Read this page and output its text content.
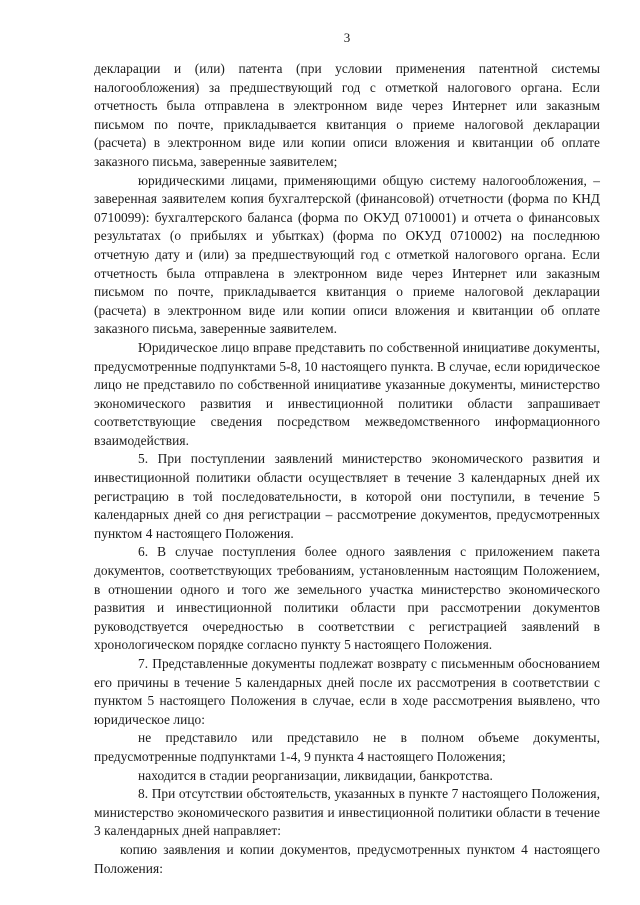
3

декларации и (или) патента (при условии применения патентной системы налогообложения) за предшествующий год с отметкой налогового органа. Если отчетность была отправлена в электронном виде через Интернет или заказным письмом по почте, прикладывается квитанция о приеме налоговой декларации (расчета) в электронном виде или копии описи вложения и квитанции об оплате заказного письма, заверенные заявителем;

юридическими лицами, применяющими общую систему налогообложения, – заверенная заявителем копия бухгалтерской (финансовой) отчетности (форма по КНД 0710099): бухгалтерского баланса (форма по ОКУД 0710001) и отчета о финансовых результатах (о прибылях и убытках) (форма по ОКУД 0710002) на последнюю отчетную дату и (или) за предшествующий год с отметкой налогового органа. Если отчетность была отправлена в электронном виде через Интернет или заказным письмом по почте, прикладывается квитанция о приеме налоговой декларации (расчета) в электронном виде или копии описи вложения и квитанции об оплате заказного письма, заверенные заявителем.

Юридическое лицо вправе представить по собственной инициативе документы, предусмотренные подпунктами 5-8, 10 настоящего пункта. В случае, если юридическое лицо не представило по собственной инициативе указанные документы, министерство экономического развития и инвестиционной политики области запрашивает соответствующие сведения посредством межведомственного информационного взаимодействия.

5. При поступлении заявлений министерство экономического развития и инвестиционной политики области осуществляет в течение 3 календарных дней их регистрацию в той последовательности, в которой они поступили, в течение 5 календарных дней со дня регистрации – рассмотрение документов, предусмотренных пунктом 4 настоящего Положения.

6. В случае поступления более одного заявления с приложением пакета документов, соответствующих требованиям, установленным настоящим Положением, в отношении одного и того же земельного участка министерство экономического развития и инвестиционной политики области при рассмотрении документов руководствуется очередностью в соответствии с регистрацией заявлений в хронологическом порядке согласно пункту 5 настоящего Положения.

7. Представленные документы подлежат возврату с письменным обоснованием его причины в течение 5 календарных дней после их рассмотрения в соответствии с пунктом 5 настоящего Положения в случае, если в ходе рассмотрения выявлено, что юридическое лицо:

не представило или представило не в полном объеме документы, предусмотренные подпунктами 1-4, 9 пункта 4 настоящего Положения;

находится в стадии реорганизации, ликвидации, банкротства.

8. При отсутствии обстоятельств, указанных в пункте 7 настоящего Положения, министерство экономического развития и инвестиционной политики области в течение 3 календарных дней направляет:

копию заявления и копии документов, предусмотренных пунктом 4 настоящего Положения:
